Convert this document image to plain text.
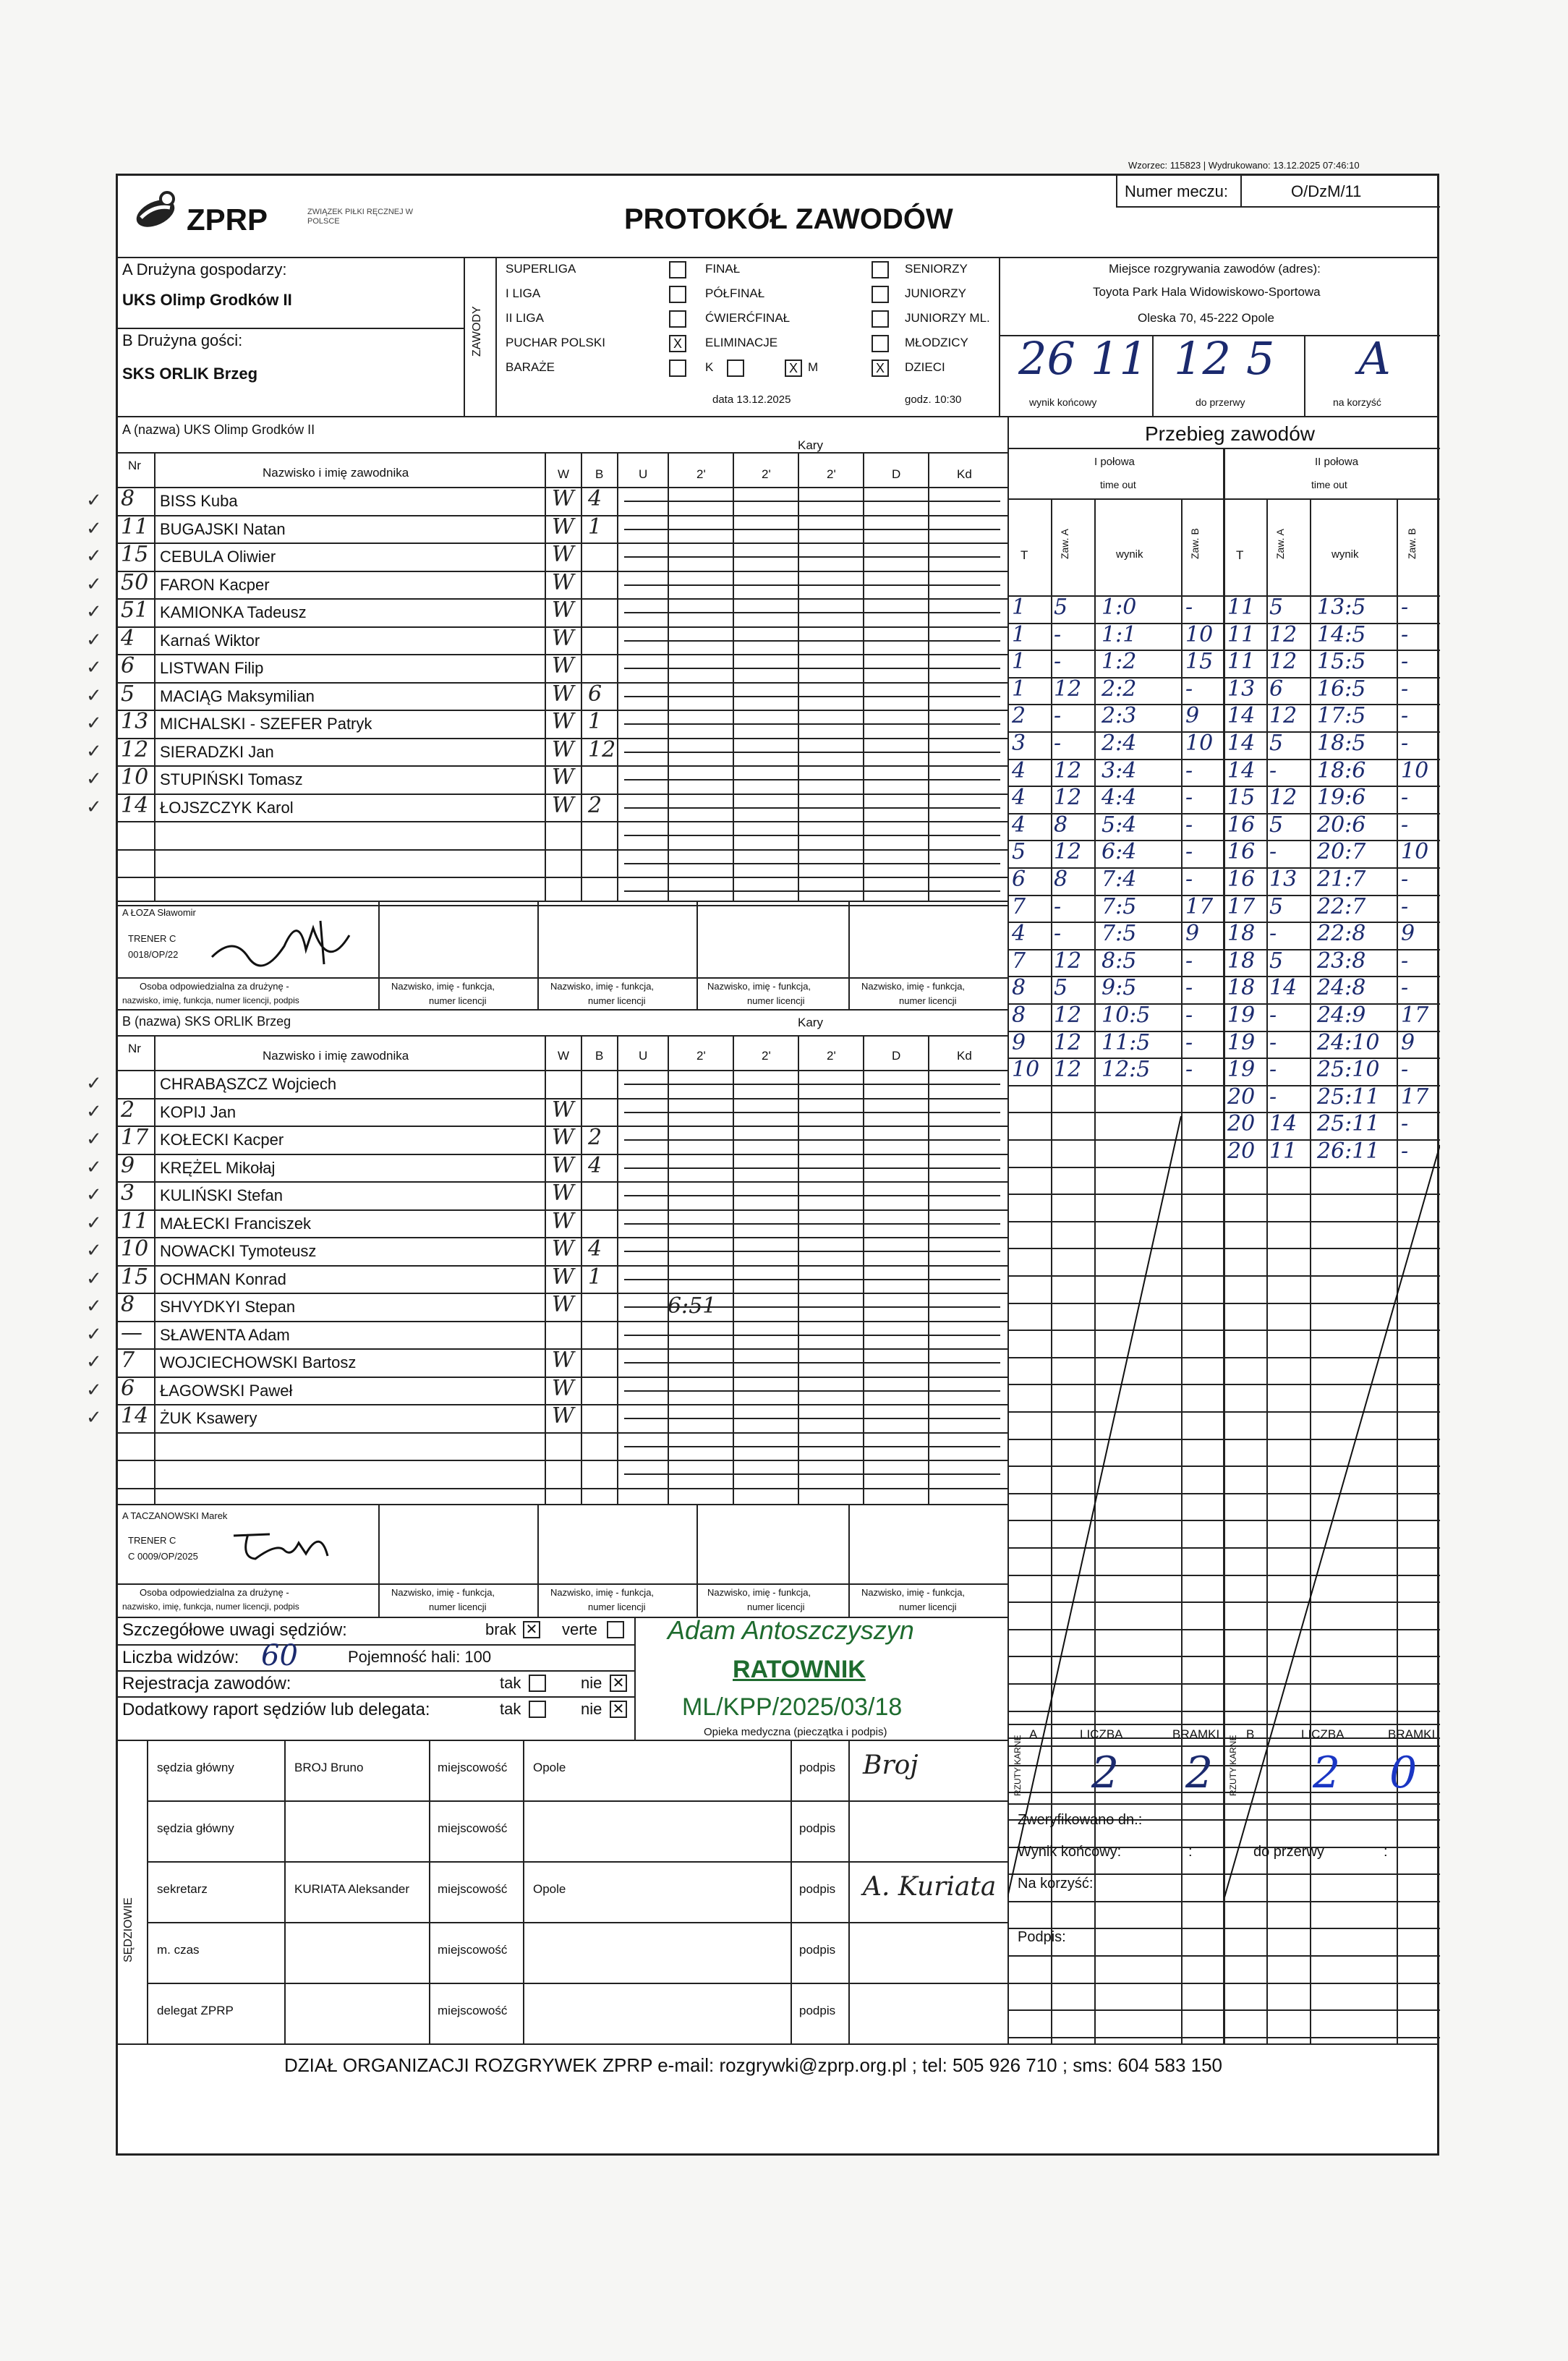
Wzorzec: 115823 | Wydrukowano: 13.12.2025 07:46:10
ZPRP	ZWIĄZEK PIŁKI RĘCZNEJ W POLSCE	PROTOKÓŁ ZAWODÓW
Numer meczu:	O/DzM/11
A Drużyna gospodarzy:
UKS Olimp Grodków II
B Drużyna gości:
SKS ORLIK Brzeg
ZAWODY
SUPERLIGA
I LIGA
II LIGA
PUCHAR POLSKI
BARAŻE
X
FINAŁ
PÓŁFINAŁ
ĆWIERĆFINAŁ
ELIMINACJE
K	X M
data 13.12.2025
X
SENIORZY
JUNIORZY
JUNIORZY ML.
MŁODZICY
DZIECI
godz. 10:30
Miejsce rozgrywania zawodów (adres):
Toyota Park Hala Widowiskowo-Sportowa
Oleska 70, 45-222 Opole
26 11 12 5 A
wynik końcowy	do przerwy	na korzyść
A (nazwa) UKS Olimp Grodków II
Kary
Nr
Nazwisko i imię zawodnika	W B	U	2'	2'	2'	D	Kd
8 BISS Kuba	W 4
✓
11 BUGAJSKI Natan	W 1
✓
15 CEBULA Oliwier	W
✓
50 FARON Kacper	W
✓
51 KAMIONKA Tadeusz	W
✓
4 Karnaś Wiktor	W
✓
6 LISTWAN Filip	W
✓
5 MACIĄG Maksymilian	W 6
✓
13 MICHALSKI - SZEFER Patryk	W 1
✓
12 SIERADZKI Jan	W 12
✓
10 STUPIŃSKI Tomasz	W
✓
14 ŁOJSZCZYK Karol	W 2
✓
A ŁOZA Sławomir
TRENER C
0018/OP/22
Osoba odpowiedzialna za drużynę -
nazwisko, imię, funkcja, numer licencji, podpis
Nazwisko, imię - funkcja,
numer licencji
Nazwisko, imię - funkcja,
numer licencji
Nazwisko, imię - funkcja,
numer licencji
Nazwisko, imię - funkcja,
numer licencji
B (nazwa) SKS ORLIK Brzeg	Kary
Nr
Nazwisko i imię zawodnika	W B	U	2'	2'	2'	D	Kd
CHRABĄSZCZ Wojciech
✓
2 KOPIJ Jan	W
✓
17 KOŁECKI Kacper	W 2
✓
9 KRĘŻEL Mikołaj	W 4
✓
3 KULIŃSKI Stefan	W
✓
11 MAŁECKI Franciszek	W
✓
10 NOWACKI Tymoteusz	W 4
✓
15 OCHMAN Konrad	W 1
✓
8 SHVYDKYI Stepan	W
✓
— SŁAWENTA Adam
✓
7 WOJCIECHOWSKI Bartosz	W
✓
6 ŁAGOWSKI Paweł	W
✓
14 ŻUK Ksawery	W
✓
6:51
A TACZANOWSKI Marek
TRENER C
C 0009/OP/2025
Osoba odpowiedzialna za drużynę -
nazwisko, imię, funkcja, numer licencji, podpis
Nazwisko, imię - funkcja,
numer licencji
Nazwisko, imię - funkcja,
numer licencji
Nazwisko, imię - funkcja,
numer licencji
Nazwisko, imię - funkcja,
numer licencji
Przebieg zawodów
I połowa	II połowa
time out	time out
T	Zaw. A	wynik	Zaw. B	T	Zaw. A	wynik	Zaw. B
1 5 1:0 -
1 - 1:1 10
1 - 1:2 15
1 12 2:2 -
2 - 2:3 9
3 - 2:4 10
4 12 3:4 -
4 12 4:4 -
4 8 5:4 -
5 12 6:4 -
6 8 7:4 -
7 - 7:5 17
4 - 7:5 9
7 12 8:5 -
8 5 9:5 -
8 12 10:5 -
9 12 11:5 -
10 12 12:5 -
11 5 13:5 -
11 12 14:5 -
11 12 15:5 -
13 6 16:5 -
14 12 17:5 -
14 5 18:5 -
14 - 18:6 10
15 12 19:6 -
16 5 20:6 -
16 - 20:7 10
16 13 21:7 -
17 5 22:7 -
18 - 22:8 9
18 5 23:8 -
18 14 24:8 -
19 - 24:9 17
19 - 24:10 9
19 - 25:10 -
20 - 25:11 17
20 14 25:11 -
20 11 26:11 -
Szczegółowe uwagi sędziów:	brak ✕ verte
Liczba widzów: 60	Pojemność hali: 100
Rejestracja zawodów:	tak	nie ✕
Dodatkowy raport sędziów lub delegata:	tak	nie ✕
Adam Antoszczyszyn
RATOWNIK
ML/KPP/2025/03/18
Opieka medyczna (pieczątka i podpis)	A	LICZBA	BRAMKI B	LICZBA	BRAMKI
RZUTY KARNE 2 2 RZUTY KARNE 2 0
SĘDZIOWIE
sędzia główny	BROJ Bruno	miejscowość Opole	podpis Broj
sędzia główny	miejscowość	podpis
sekretarz	KURIATA Aleksander miejscowość Opole	podpis A. Kuriata
m. czas	miejscowość	podpis
delegat ZPRP	miejscowość	podpis
Zweryfikowano dn.:
Wynik końcowy:	:	do przerwy	:
Na korzyść:
Podpis:
DZIAŁ ORGANIZACJI ROZGRYWEK ZPRP e-mail: rozgrywki@zprp.org.pl ; tel: 505 926 710 ; sms: 604 583 150
